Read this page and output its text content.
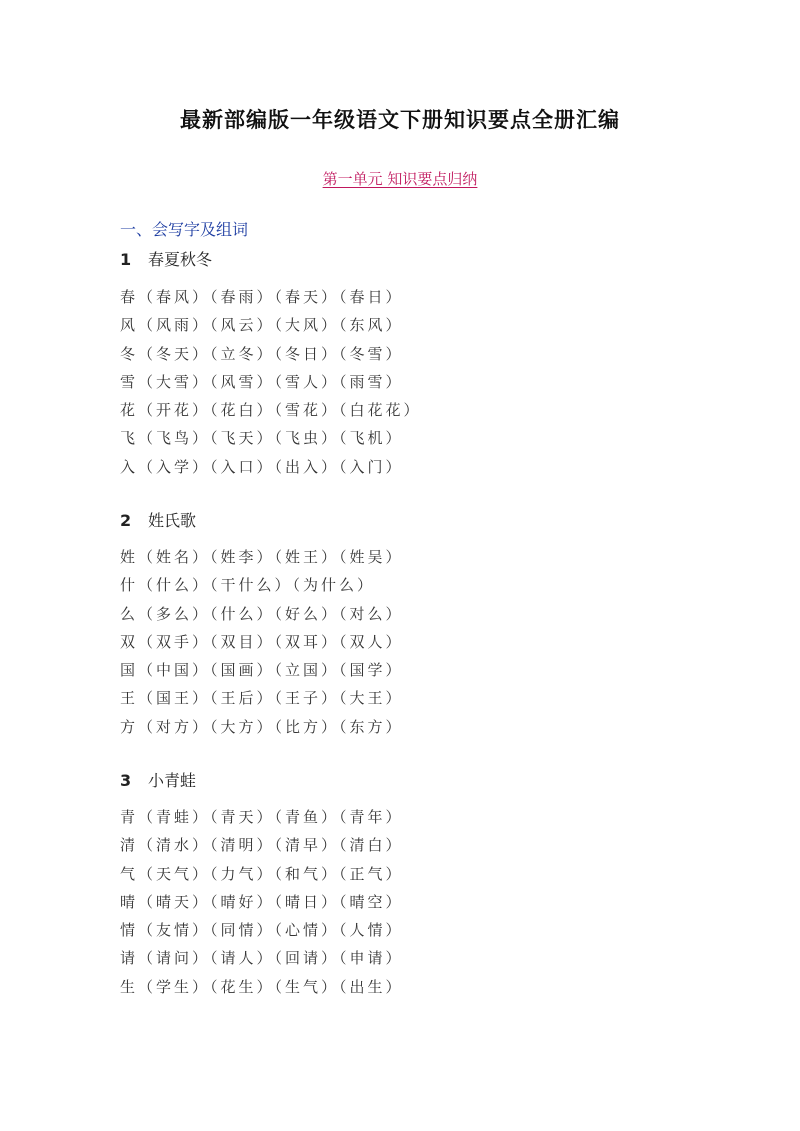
最新部编版一年级语文下册知识要点全册汇编
第一单元 知识要点归纳
一、会写字及组词
1 春夏秋冬
春（春风）（春雨）（春天）（春日）
风（风雨）（风云）（大风）（东风）
冬（冬天）（立冬）（冬日）（冬雪）
雪（大雪）（风雪）（雪人）（雨雪）
花（开花）（花白）（雪花）（白花花）
飞（飞鸟）（飞天）（飞虫）（飞机）
入（入学）（入口）（出入）（入门）
2 姓氏歌
姓（姓名）（姓李）（姓王）（姓吴）
什（什么）（干什么）（为什么）
么（多么）（什么）（好么）（对么）
双（双手）（双目）（双耳）（双人）
国（中国）（国画）（立国）（国学）
王（国王）（王后）（王子）（大王）
方（对方）（大方）（比方）（东方）
3 小青蛙
青（青蛙）（青天）（青鱼）（青年）
清（清水）（清明）（清早）（清白）
气（天气）（力气）（和气）（正气）
晴（晴天）（晴好）（晴日）（晴空）
情（友情）（同情）（心情）（人情）
请（请问）（请人）（回请）（申请）
生（学生）（花生）（生气）（出生）
